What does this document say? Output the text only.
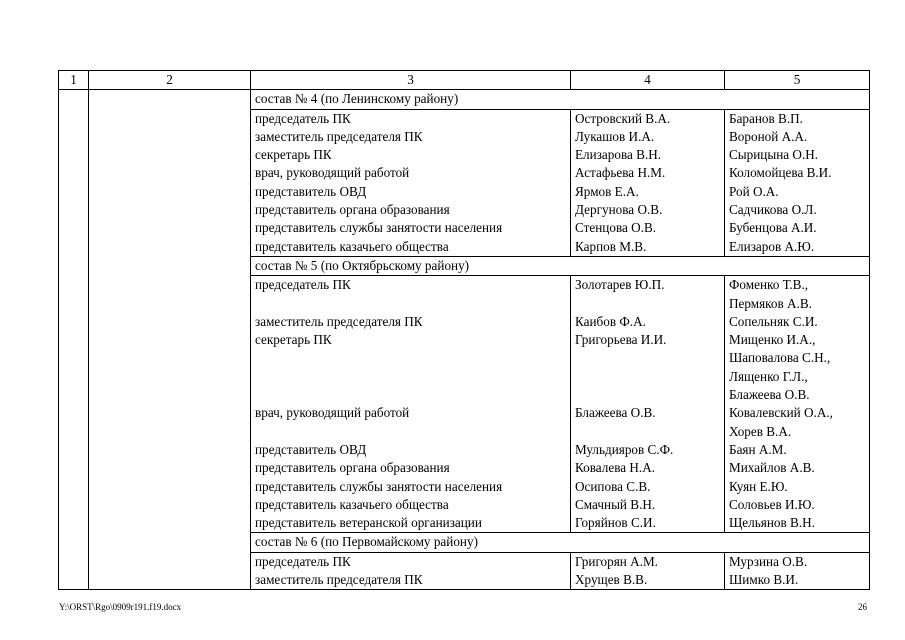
1	2	3	4	5
		состав № 4 (по Ленинскому району)		
		председатель ПК	Островский В.А.	Баранов В.П.
		заместитель председателя ПК	Лукашов И.А.	Вороной А.А.
		секретарь ПК	Елизарова В.Н.	Сырицына О.Н.
		врач, руководящий работой	Астафьева Н.М.	Коломойцева В.И.
		представитель ОВД	Ярмов Е.А.	Рой О.А.
		представитель органа образования	Дергунова О.В.	Садчикова О.Л.
		представитель службы занятости населения	Стенцова О.В.	Бубенцова А.И.
		представитель казачьего общества	Карпов М.В.	Елизаров А.Ю.
		состав № 5 (по Октябрьскому району)		
		председатель ПК	Золотарев Ю.П.	Фоменко Т.В.,
				Пермяков А.В.
		заместитель председателя ПК	Каибов Ф.А.	Сопельняк С.И.
		секретарь ПК	Григорьева И.И.	Мищенко И.А.,
				Шаповалова С.Н.,
				Лященко Г.Л.,
				Блажеева О.В.
		врач, руководящий работой	Блажеева О.В.	Ковалевский О.А.,
				Хорев В.А.
		представитель ОВД	Мульдияров С.Ф.	Баян А.М.
		представитель органа образования	Ковалева Н.А.	Михайлов А.В.
		представитель службы занятости населения	Осипова С.В.	Куян Е.Ю.
		представитель казачьего общества	Смачный В.Н.	Соловьев И.Ю.
		представитель ветеранской организации	Горяйнов С.И.	Щельянов В.Н.
		состав № 6 (по Первомайскому району)		
		председатель ПК	Григорян А.М.	Мурзина О.В.
		заместитель председателя ПК	Хрущев В.В.	Шимко В.И.
Y:\ORST\Rgo\0909r191.f19.docx	26
